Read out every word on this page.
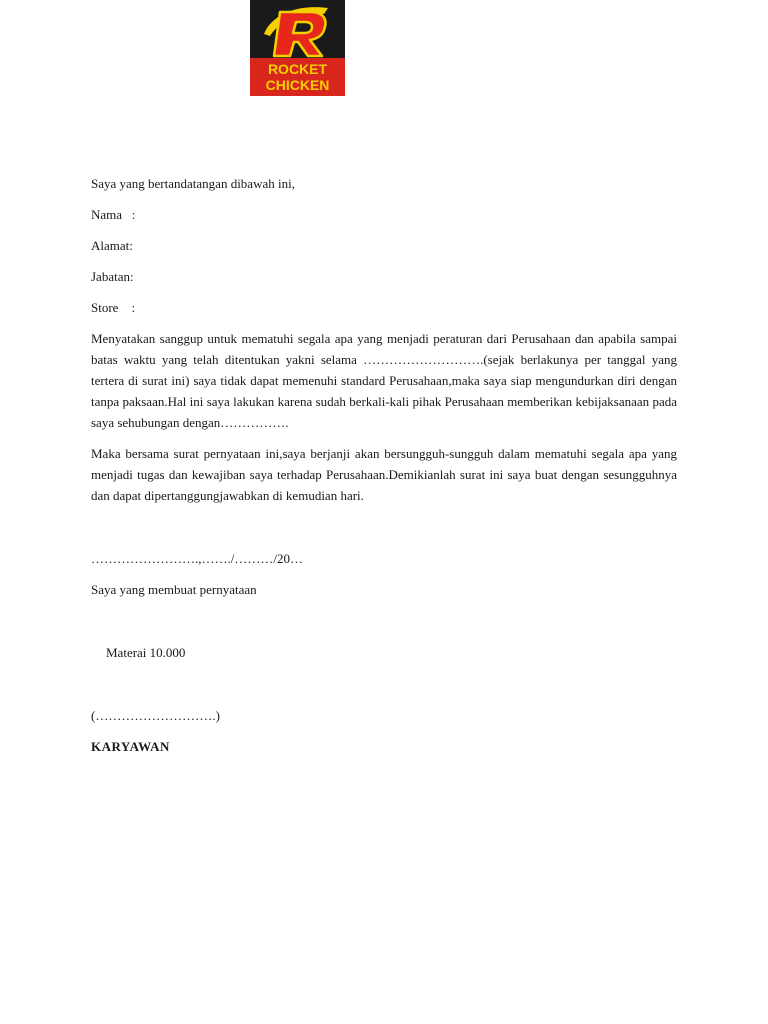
ROCKET
CHICKEN
Saya yang bertandatangan dibawah ini,
Nama   :
Alamat:
Jabatan:
Store    :
Menyatakan sanggup untuk mematuhi segala apa yang menjadi peraturan dari Perusahaan dan apabila sampai batas waktu yang telah ditentukan yakni selama ……………………….(sejak berlakunya per tanggal yang tertera di surat ini) saya tidak dapat memenuhi standard Perusahaan,maka saya siap mengundurkan diri dengan tanpa paksaan.Hal ini saya lakukan karena sudah berkali-kali pihak Perusahaan memberikan kebijaksanaan pada saya sehubungan dengan…………….
Maka bersama surat pernyataan ini,saya berjanji akan bersungguh-sungguh dalam mematuhi segala apa yang menjadi tugas dan kewajiban saya terhadap Perusahaan.Demikianlah surat ini saya buat dengan sesungguhnya dan dapat dipertanggungjawabkan di kemudian hari.
…………………….,……./………/20…
Saya yang membuat pernyataan
Materai 10.000
(……………………….)
KARYAWAN
